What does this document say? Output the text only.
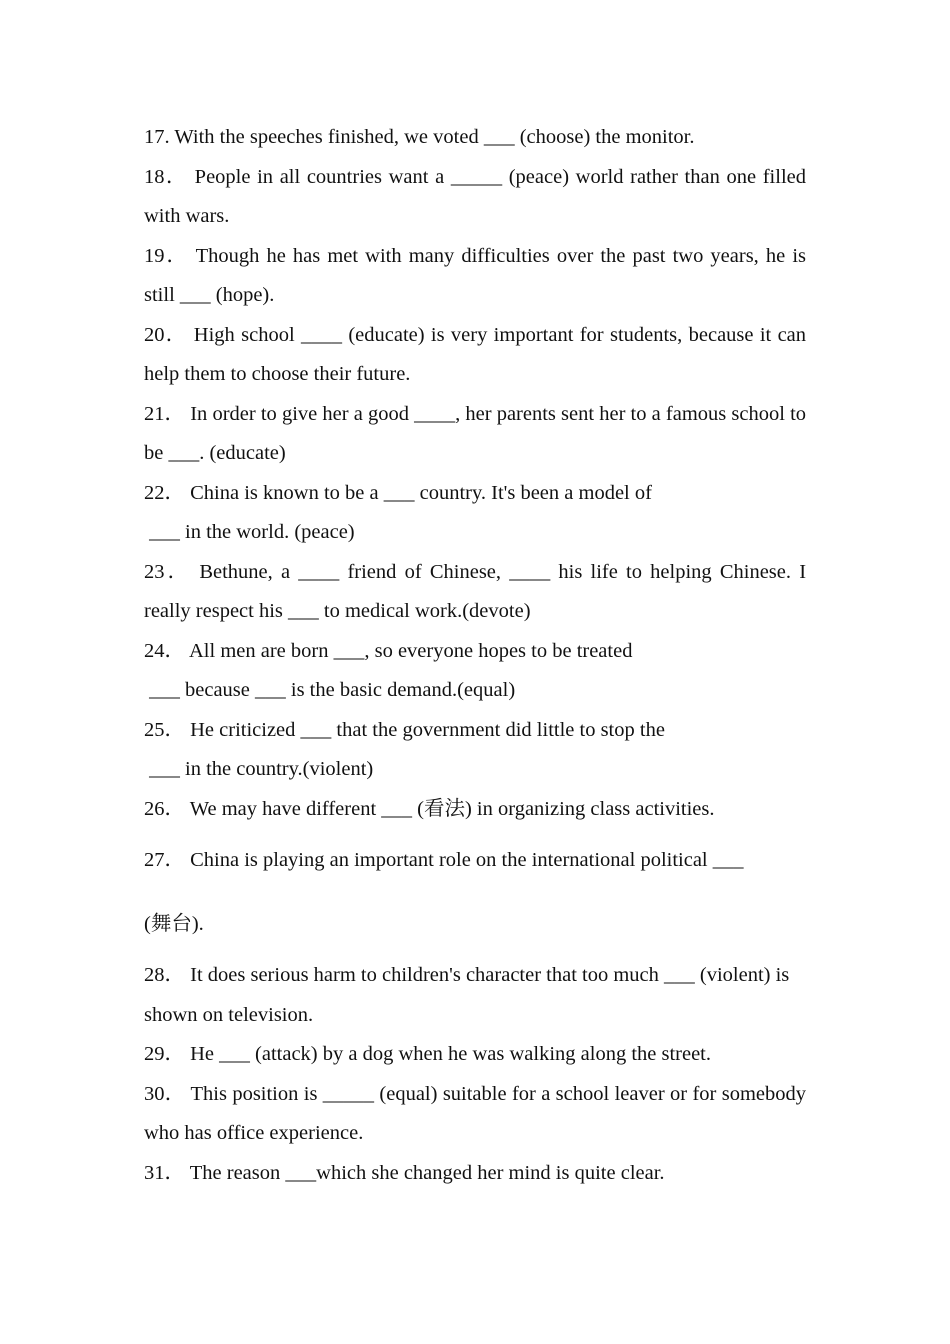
17. With the speeches finished, we voted ___ (choose) the monitor.

18． People in all countries want a _____ (peace) world rather than one filled with wars.

19． Though he has met with many difficulties over the past two years, he is still ___ (hope).

20． High school ____ (educate) is very important for students, because it can help them to choose their future.

21． In order to give her a good ____, her parents sent her to a famous school to be ___. (educate)

22． China is known to be a ___ country. It's been a model of
___ in the world. (peace)

23． Bethune, a ____ friend of Chinese, ____ his life to helping Chinese. I really respect his ___ to medical work.(devote)

24． All men are born ___, so everyone hopes to be treated
___ because ___ is the basic demand.(equal)

25． He criticized ___ that the government did little to stop the
___ in the country.(violent)

26． We may have different ___ (看法) in organizing class activities.

27． China is playing an important role on the international political ___
(舞台).

28． It does serious harm to children's character that too much ___ (violent) is shown on television.

29． He ___ (attack) by a dog when he was walking along the street.

30． This position is _____ (equal) suitable for a school leaver or for somebody who has office experience.

31． The reason ___which she changed her mind is quite clear.
